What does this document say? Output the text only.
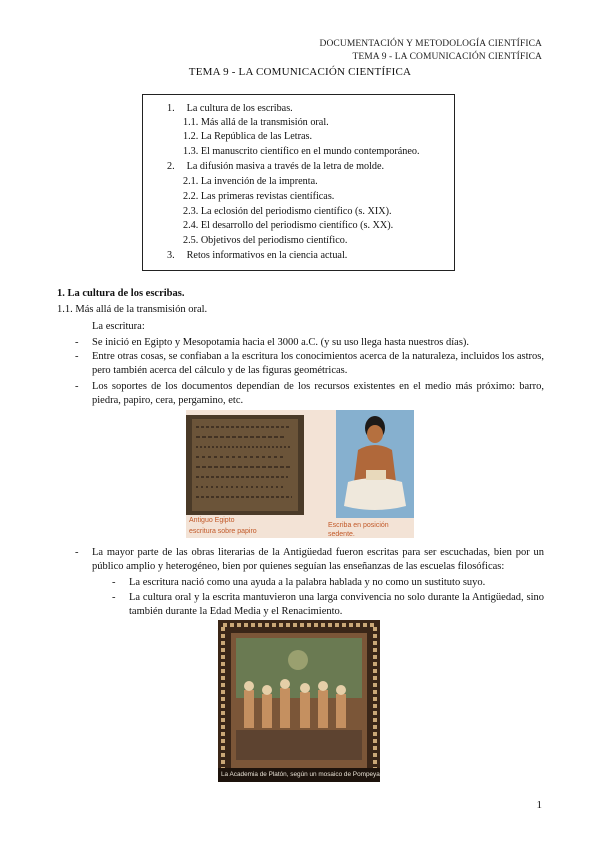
DOCUMENTACIÓN Y METODOLOGÍA CIENTÍFICA
TEMA 9 - LA COMUNICACIÓN CIENTÍFICA
TEMA 9 - LA COMUNICACIÓN CIENTÍFICA
1. La cultura de los escribas.
1.1. Más allá de la transmisión oral.
1.2. La República de las Letras.
1.3. El manuscrito científico en el mundo contemporáneo.
2. La difusión masiva a través de la letra de molde.
2.1. La invención de la imprenta.
2.2. Las primeras revistas científicas.
2.3. La eclosión del periodismo científico (s. XIX).
2.4. El desarrollo del periodismo científico (s. XX).
2.5. Objetivos del periodismo científico.
3. Retos informativos en la ciencia actual.
1. La cultura de los escribas.
1.1. Más allá de la transmisión oral.
La escritura:
- Se inició en Egipto y Mesopotamia hacia el 3000 a.C. (y su uso llega hasta nuestros días).
- Entre otras cosas, se confiaban a la escritura los conocimientos acerca de la naturaleza, incluidos los astros, pero también acerca del cálculo y de las figuras geométricas.
- Los soportes de los documentos dependían de los recursos existentes en el medio más próximo: barro, piedra, papiro, cera, pergamino, etc.
Antiguo Egipto
escritura sobre papiro
Escriba en posición sedente.
- La mayor parte de las obras literarias de la Antigüedad fueron escritas para ser escuchadas, bien por un público amplio y heterogéneo, bien por quienes seguían las enseñanzas de las escuelas filosóficas:
- La escritura nació como una ayuda a la palabra hablada y no como un sustituto suyo.
- La cultura oral y la escrita mantuvieron una larga convivencia no solo durante la Antigüedad, sino también durante la Edad Media y el Renacimiento.
La Academia de Platón, según un mosaico de Pompeya
1
